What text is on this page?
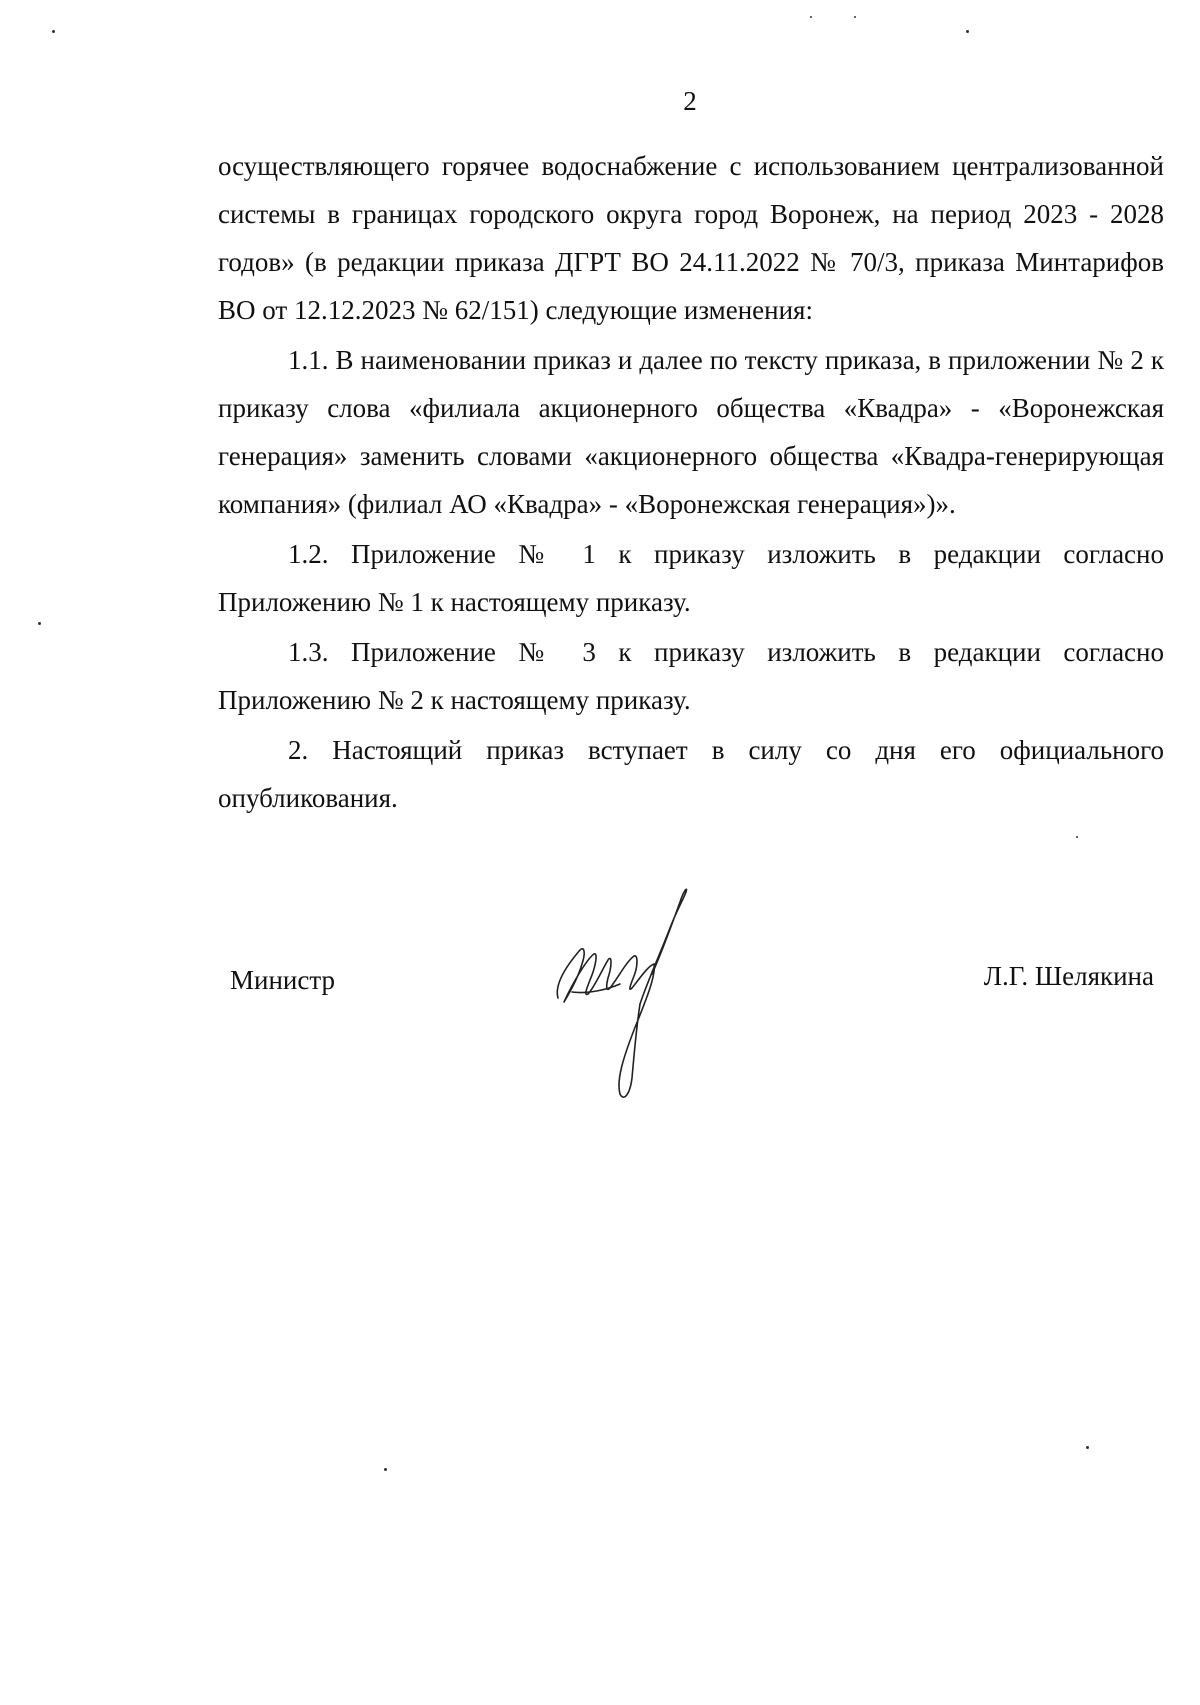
2

осуществляющего горячее водоснабжение с использованием централизованной системы в границах городского округа город Воронеж, на период 2023 - 2028 годов» (в редакции приказа ДГРТ ВО 24.11.2022 № 70/3, приказа Минтарифов ВО от 12.12.2023 № 62/151) следующие изменения:

1.1. В наименовании приказ и далее по тексту приказа, в приложении № 2 к приказу слова «филиала акционерного общества «Квадра» - «Воронежская генерация» заменить словами «акционерного общества «Квадра-генерирующая компания» (филиал АО «Квадра» - «Воронежская генерация»)».

1.2. Приложение № 1 к приказу изложить в редакции согласно Приложению № 1 к настоящему приказу.

1.3. Приложение № 3 к приказу изложить в редакции согласно Приложению № 2 к настоящему приказу.

2. Настоящий приказ вступает в силу со дня его официального опубликования.

Министр	Л.Г. Шелякина
